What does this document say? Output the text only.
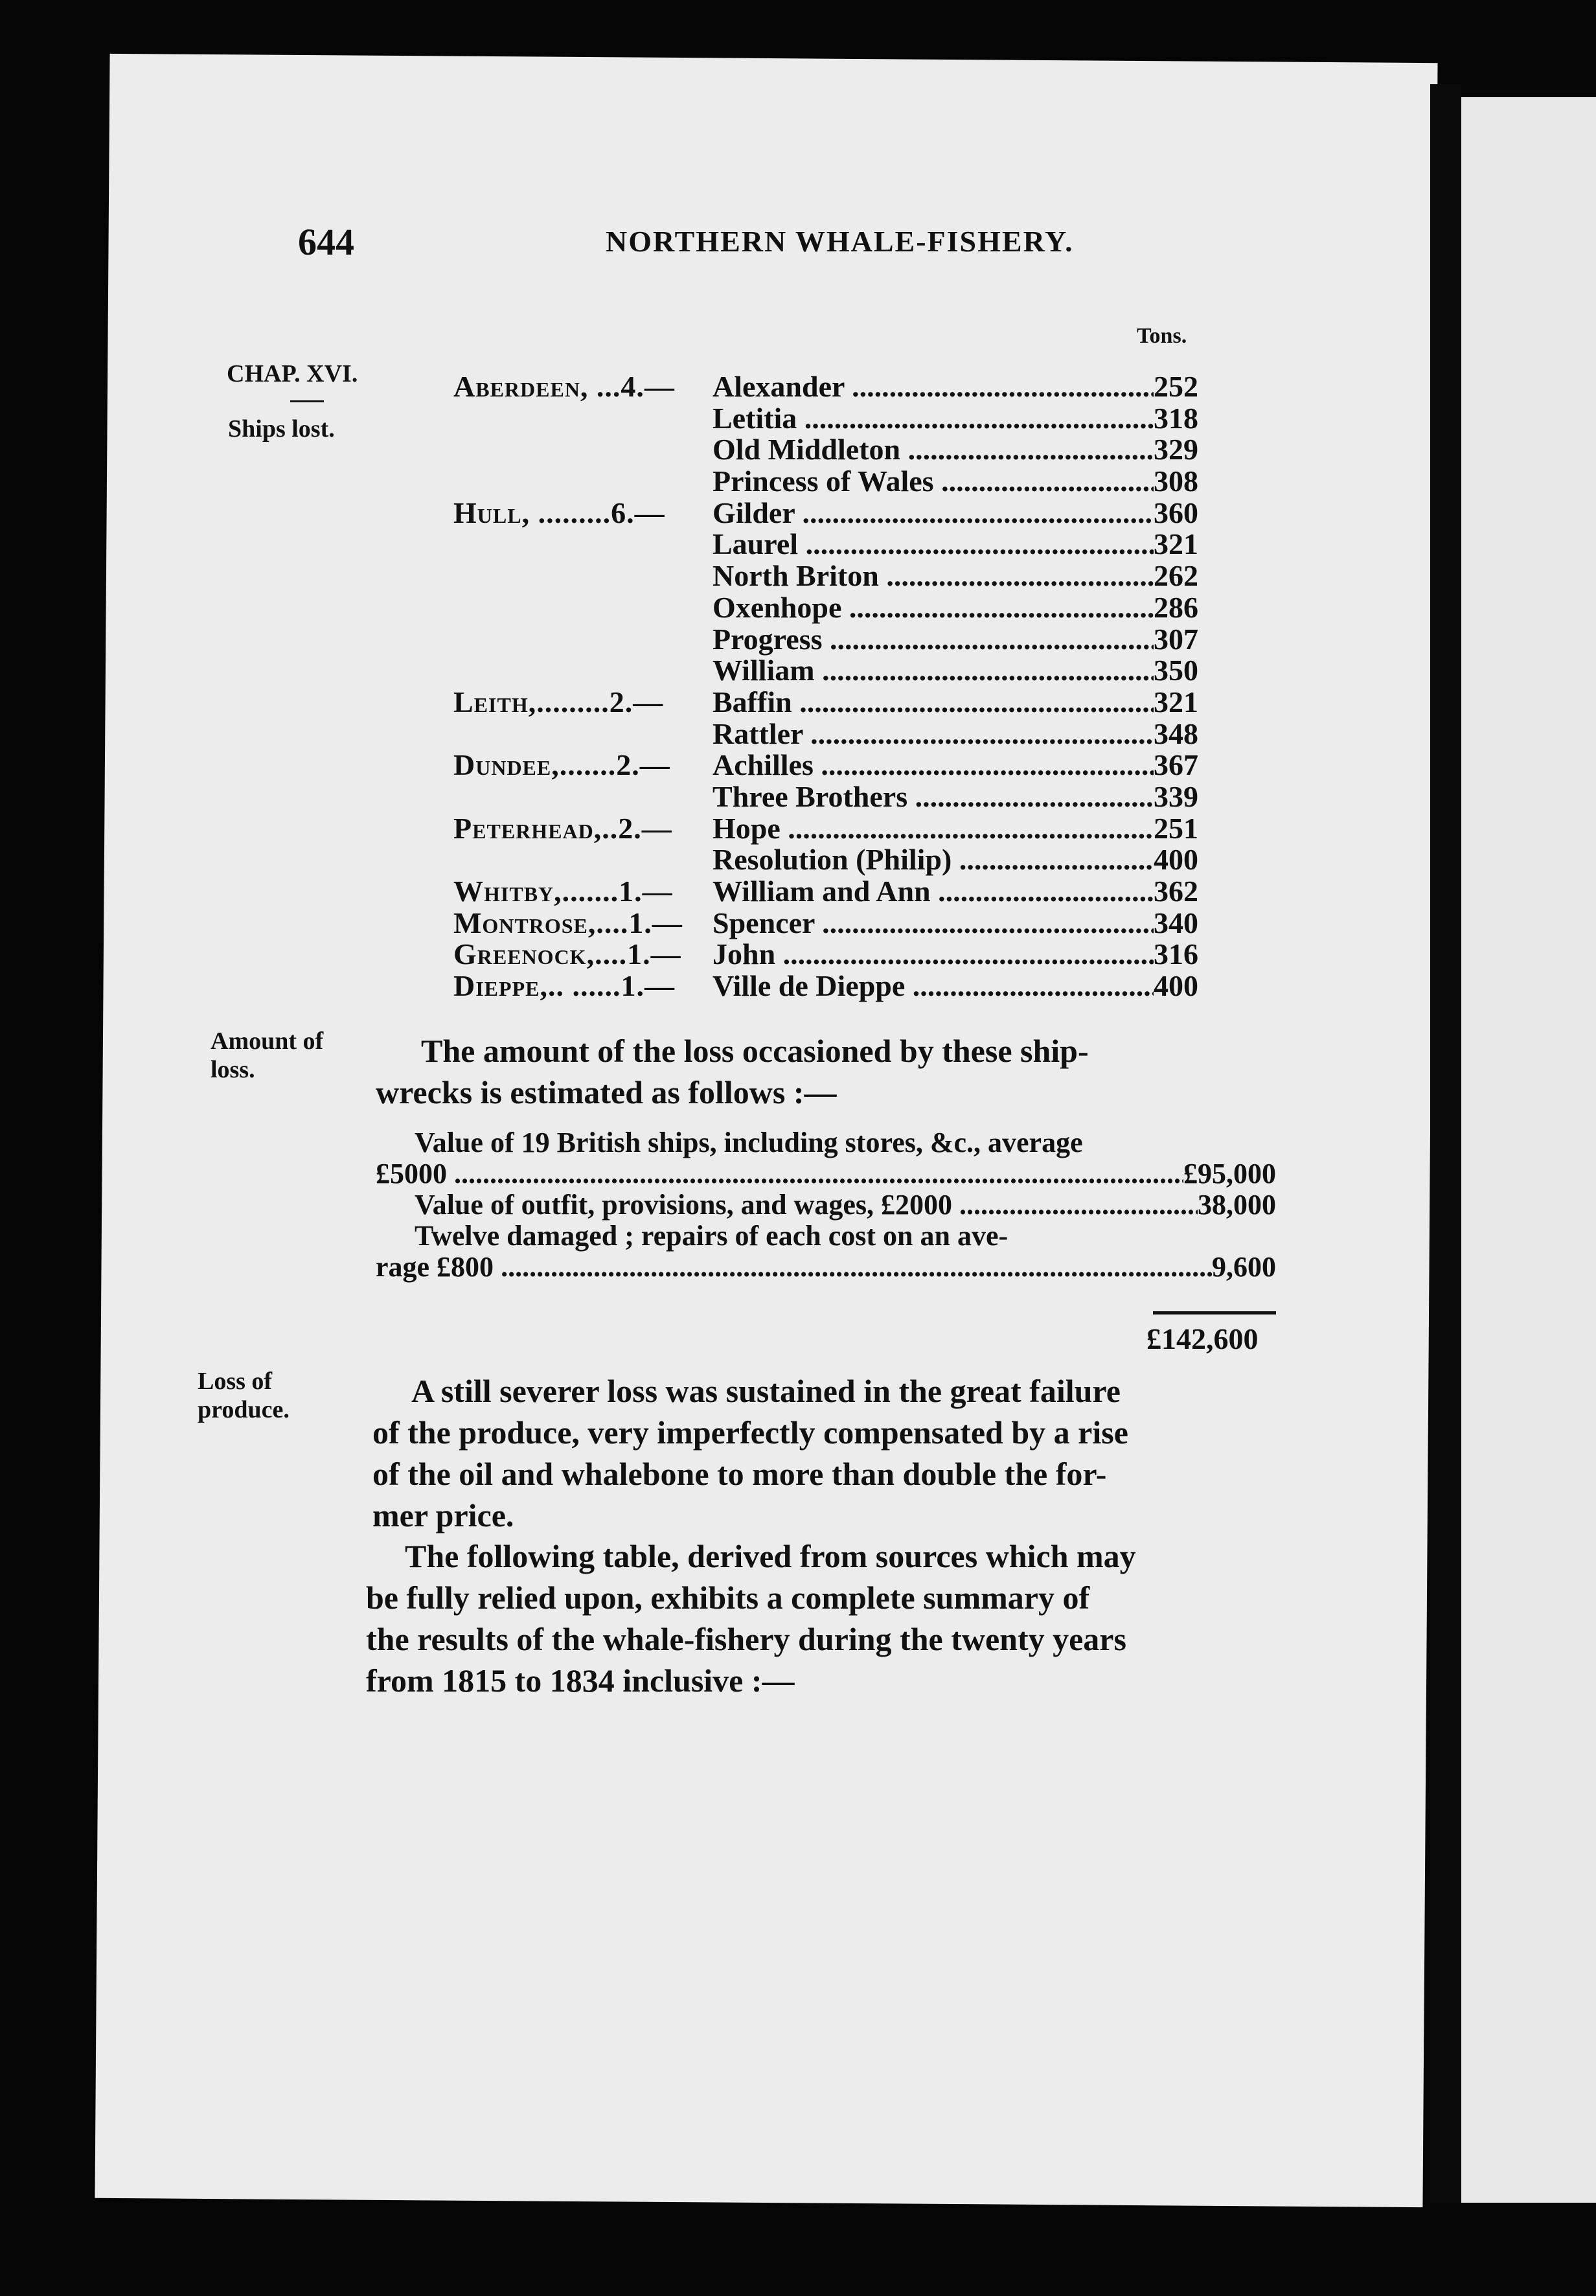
644	NORTHERN WHALE-FISHERY.
CHAP. XVI.
Ships lost.
Tons.
Aberdeen, ...4.— Alexander .....	252
Letitia .....	318
Old Middleton .....	329
Princess of Wales .....	308
Hull, .........6.— Gilder .....	360
Laurel .....	321
North Briton .....	262
Oxenhope .....	286
Progress .....	307
William .....	350
Leith,.........2.— Baffin .....	321
Rattler .....	348
Dundee,.......2.— Achilles .....	367
Three Brothers .....	339
Peterhead,..2.— Hope .....	251
Resolution (Philip) .....	400
Whitby,.......1.— William and Ann .....	362
Montrose,....1.— Spencer .....	340
Greenock,....1.— John .....	316
Dieppe,.. ......1.— Ville de Dieppe .....	400
Amount of
loss.
The amount of the loss occasioned by these ship-
wrecks is estimated as follows :—
Value of 19 British ships, including stores, &c., average
£5000 .....	£95,000
Value of outfit, provisions, and wages, £2000 .....	38,000
Twelve damaged ; repairs of each cost on an ave-
rage £800 .....	9,600
£142,600
Loss of
produce.
A still severer loss was sustained in the great failure
of the produce, very imperfectly compensated by a rise
of the oil and whalebone to more than double the for-
mer price.
The following table, derived from sources which may
be fully relied upon, exhibits a complete summary of
the results of the whale-fishery during the twenty years
from 1815 to 1834 inclusive :—
